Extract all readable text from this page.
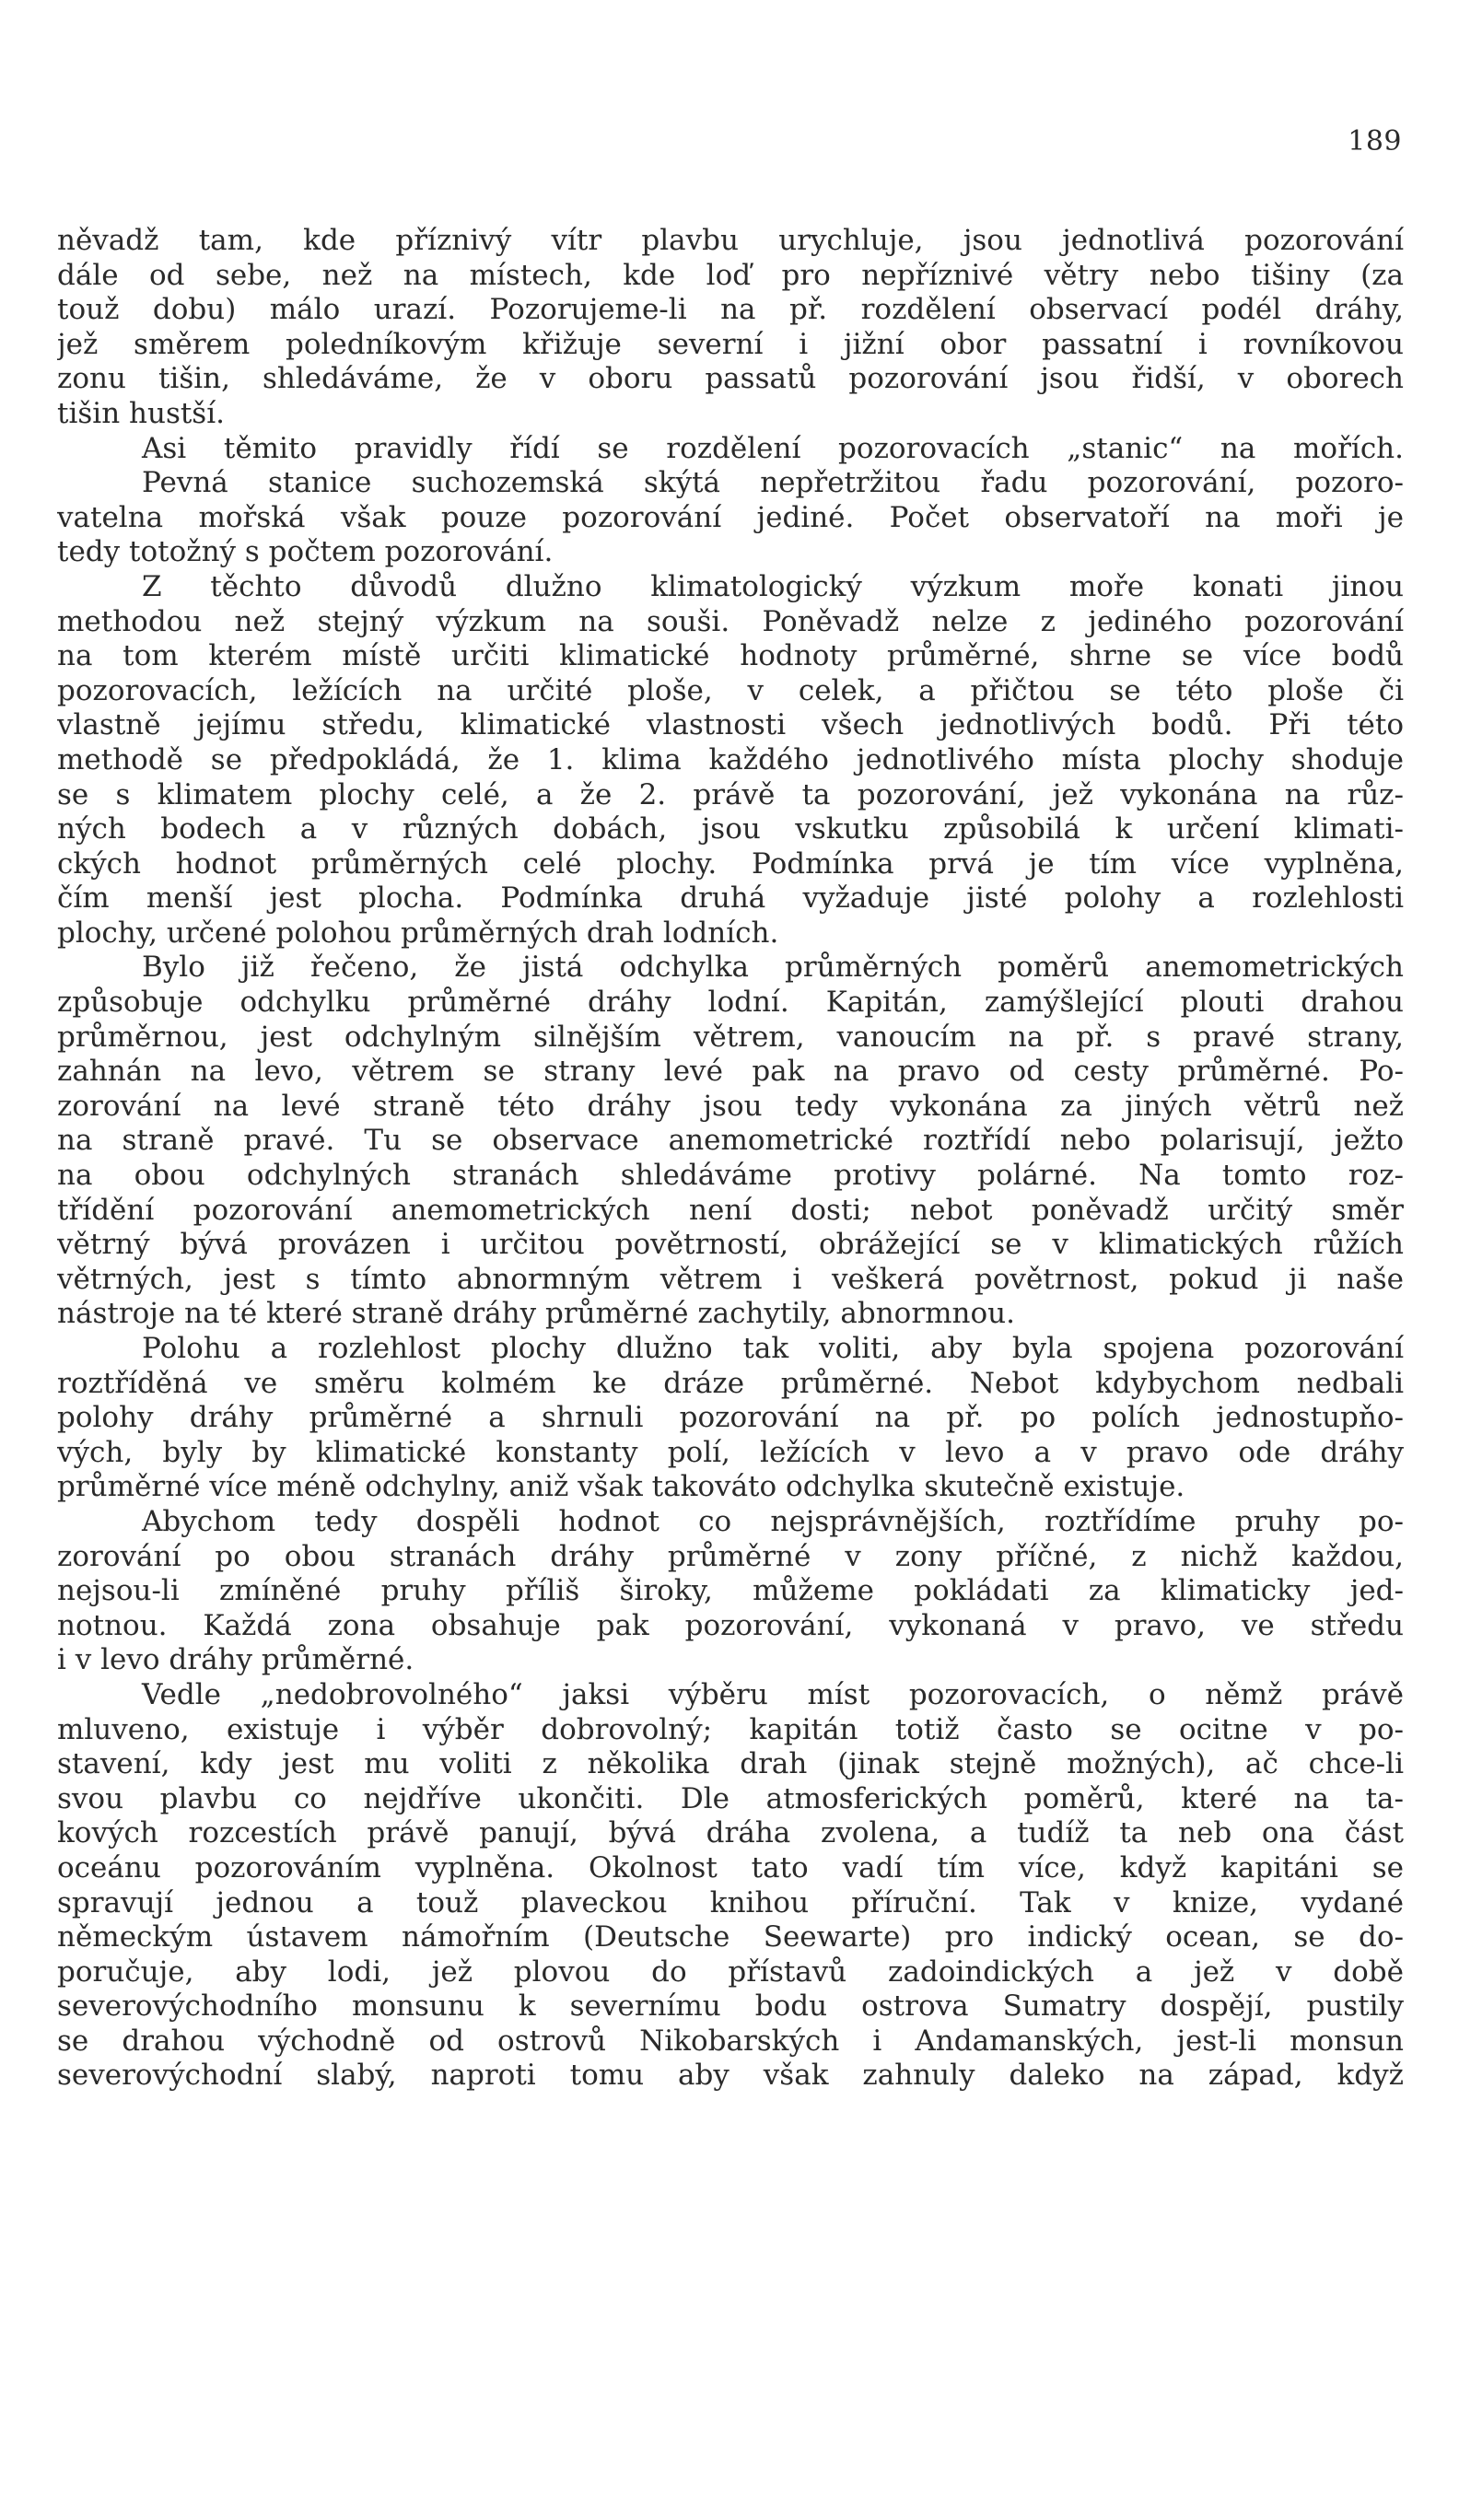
189
něvadž tam, kde příznivý vítr plavbu urychluje, jsou jednotlivá pozorování
dále od sebe, než na místech, kde loď pro nepříznivé větry nebo tišiny (za
touž dobu) málo urazí. Pozorujeme-li na př. rozdělení observací podél dráhy,
jež směrem poledníkovým křižuje severní i jižní obor passatní i rovníkovou
zonu tišin, shledáváme, že v oboru passatů pozorování jsou řidší, v oborech
tišin hustší.
Asi těmito pravidly řídí se rozdělení pozorovacích „stanic“ na mořích.
Pevná stanice suchozemská skýtá nepřetržitou řadu pozorování, pozoro-
vatelna mořská však pouze pozorování jediné. Počet observatoří na moři je
tedy totožný s počtem pozorování.
Z těchto důvodů dlužno klimatologický výzkum moře konati jinou
methodou než stejný výzkum na souši. Poněvadž nelze z jediného pozorování
na tom kterém místě určiti klimatické hodnoty průměrné, shrne se více bodů
pozorovacích, ležících na určité ploše, v celek, a přičtou se této ploše či
vlastně jejímu středu, klimatické vlastnosti všech jednotlivých bodů. Při této
methodě se předpokládá, že 1. klima každého jednotlivého místa plochy shoduje
se s klimatem plochy celé, a že 2. právě ta pozorování, jež vykonána na růz-
ných bodech a v různých dobách, jsou vskutku způsobilá k určení klimati-
ckých hodnot průměrných celé plochy. Podmínka prvá je tím více vyplněna,
čím menší jest plocha. Podmínka druhá vyžaduje jisté polohy a rozlehlosti
plochy, určené polohou průměrných drah lodních.
Bylo již řečeno, že jistá odchylka průměrných poměrů anemometrických
způsobuje odchylku průměrné dráhy lodní. Kapitán, zamýšlející plouti drahou
průměrnou, jest odchylným silnějším větrem, vanoucím na př. s pravé strany,
zahnán na levo, větrem se strany levé pak na pravo od cesty průměrné. Po-
zorování na levé straně této dráhy jsou tedy vykonána za jiných větrů než
na straně pravé. Tu se observace anemometrické roztřídí nebo polarisují, ježto
na obou odchylných stranách shledáváme protivy polárné. Na tomto roz-
třídění pozorování anemometrických není dosti; nebot poněvadž určitý směr
větrný bývá provázen i určitou povětrností, obrážející se v klimatických růžích
větrných, jest s tímto abnormným větrem i veškerá povětrnost, pokud ji naše
nástroje na té které straně dráhy průměrné zachytily, abnormnou.
Polohu a rozlehlost plochy dlužno tak voliti, aby byla spojena pozorování
roztříděná ve směru kolmém ke dráze průměrné. Nebot kdybychom nedbali
polohy dráhy průměrné a shrnuli pozorování na př. po polích jednostupňo-
vých, byly by klimatické konstanty polí, ležících v levo a v pravo ode dráhy
průměrné více méně odchylny, aniž však takováto odchylka skutečně existuje.
Abychom tedy dospěli hodnot co nejsprávnějších, roztřídíme pruhy po-
zorování po obou stranách dráhy průměrné v zony příčné, z nichž každou,
nejsou-li zmíněné pruhy příliš široky, můžeme pokládati za klimaticky jed-
notnou. Každá zona obsahuje pak pozorování, vykonaná v pravo, ve středu
i v levo dráhy průměrné.
Vedle „nedobrovolného“ jaksi výběru míst pozorovacích, o němž právě
mluveno, existuje i výběr dobrovolný; kapitán totiž často se ocitne v po-
stavení, kdy jest mu voliti z několika drah (jinak stejně možných), ač chce-li
svou plavbu co nejdříve ukončiti. Dle atmosferických poměrů, které na ta-
kových rozcestích právě panují, bývá dráha zvolena, a tudíž ta neb ona část
oceánu pozorováním vyplněna. Okolnost tato vadí tím více, když kapitáni se
spravují jednou a touž plaveckou knihou příruční. Tak v knize, vydané
německým ústavem námořním (Deutsche Seewarte) pro indický ocean, se do-
poručuje, aby lodi, jež plovou do přístavů zadoindických a jež v době
severovýchodního monsunu k severnímu bodu ostrova Sumatry dospějí, pustily
se drahou východně od ostrovů Nikobarských i Andamanských, jest-li monsun
severovýchodní slabý, naproti tomu aby však zahnuly daleko na západ, když
